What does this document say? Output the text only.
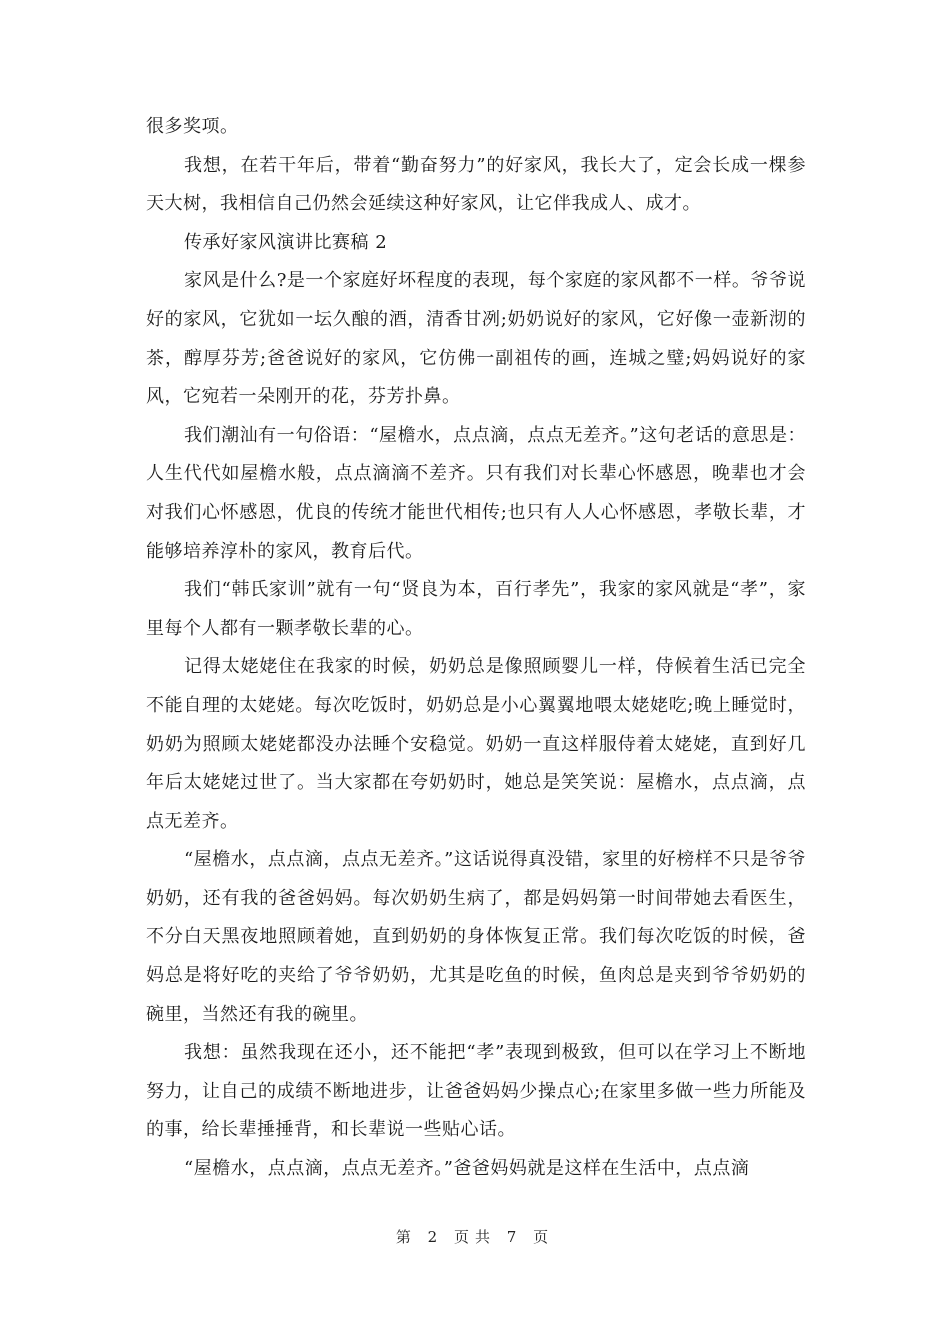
很多奖项。

我想，在若干年后，带着“勤奋努力”的好家风，我长大了，定会长成一棵参天大树，我相信自己仍然会延续这种好家风，让它伴我成人、成才。

传承好家风演讲比赛稿 2

家风是什么?是一个家庭好坏程度的表现，每个家庭的家风都不一样。爷爷说好的家风，它犹如一坛久酿的酒，清香甘冽;奶奶说好的家风，它好像一壶新沏的茶，醇厚芬芳;爸爸说好的家风，它仿佛一副祖传的画，连城之璧;妈妈说好的家风，它宛若一朵刚开的花，芬芳扑鼻。

我们潮汕有一句俗语：“屋檐水，点点滴，点点无差齐。”这句老话的意思是：人生代代如屋檐水般，点点滴滴不差齐。只有我们对长辈心怀感恩，晚辈也才会对我们心怀感恩，优良的传统才能世代相传;也只有人人心怀感恩，孝敬长辈，才能够培养淳朴的家风，教育后代。

我们“韩氏家训”就有一句“贤良为本，百行孝先”，我家的家风就是“孝”，家里每个人都有一颗孝敬长辈的心。

记得太姥姥住在我家的时候，奶奶总是像照顾婴儿一样，侍候着生活已完全不能自理的太姥姥。每次吃饭时，奶奶总是小心翼翼地喂太姥姥吃;晚上睡觉时，奶奶为照顾太姥姥都没办法睡个安稳觉。奶奶一直这样服侍着太姥姥，直到好几年后太姥姥过世了。当大家都在夸奶奶时，她总是笑笑说：屋檐水，点点滴，点点无差齐。

“屋檐水，点点滴，点点无差齐。”这话说得真没错，家里的好榜样不只是爷爷奶奶，还有我的爸爸妈妈。每次奶奶生病了，都是妈妈第一时间带她去看医生，不分白天黑夜地照顾着她，直到奶奶的身体恢复正常。我们每次吃饭的时候，爸妈总是将好吃的夹给了爷爷奶奶，尤其是吃鱼的时候，鱼肉总是夹到爷爷奶奶的碗里，当然还有我的碗里。

我想：虽然我现在还小，还不能把“孝”表现到极致，但可以在学习上不断地努力，让自己的成绩不断地进步，让爸爸妈妈少操点心;在家里多做一些力所能及的事，给长辈捶捶背，和长辈说一些贴心话。

“屋檐水，点点滴，点点无差齐。”爸爸妈妈就是这样在生活中，点点滴

第 2 页共 7 页
